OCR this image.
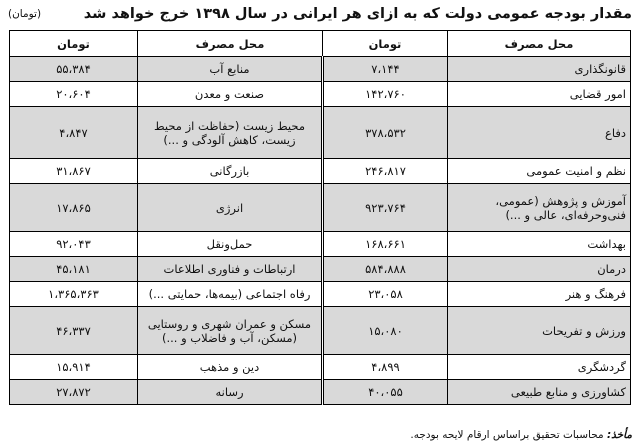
مقدار بودجه عمومی دولت که به ازای هر ایرانی در سال ۱۳۹۸ خرج خواهد شد
(تومان)
محل مصرف	تومان	محل مصرف	تومان
قانونگذاری	۷،۱۴۴	منابع آب	۵۵،۳۸۴
امور قضایی	۱۴۲،۷۶۰	صنعت و معدن	۲۰،۶۰۴
دفاع	۳۷۸،۵۳۲	محیط زیست (حفاظت از محیط زیست، کاهش آلودگی و ...)	۴،۸۴۷
نظم و امنیت عمومی	۲۴۶،۸۱۷	بازرگانی	۳۱،۸۶۷
آموزش و پژوهش (عمومی، فنی‌وحرفه‌ای، عالی و ...)	۹۲۳،۷۶۴	انرژی	۱۷،۸۶۵
بهداشت	۱۶۸،۶۶۱	حمل‌ونقل	۹۲،۰۴۳
درمان	۵۸۴،۸۸۸	ارتباطات و فناوری اطلاعات	۴۵،۱۸۱
فرهنگ و هنر	۲۳،۰۵۸	رفاه اجتماعی (بیمه‌ها، حمایتی ...)	۱،۳۶۵،۳۶۳
ورزش و تفریحات	۱۵،۰۸۰	مسکن و عمران شهری و روستایی (مسکن، آب و فاضلاب و ...)	۴۶،۳۳۷
گردشگری	۴،۸۹۹	دین و مذهب	۱۵،۹۱۴
کشاورزی و منابع طبیعی	۴۰،۰۵۵	رسانه	۲۷،۸۷۲
مأخذ: محاسبات تحقیق براساس ارقام لایحه بودجه.
